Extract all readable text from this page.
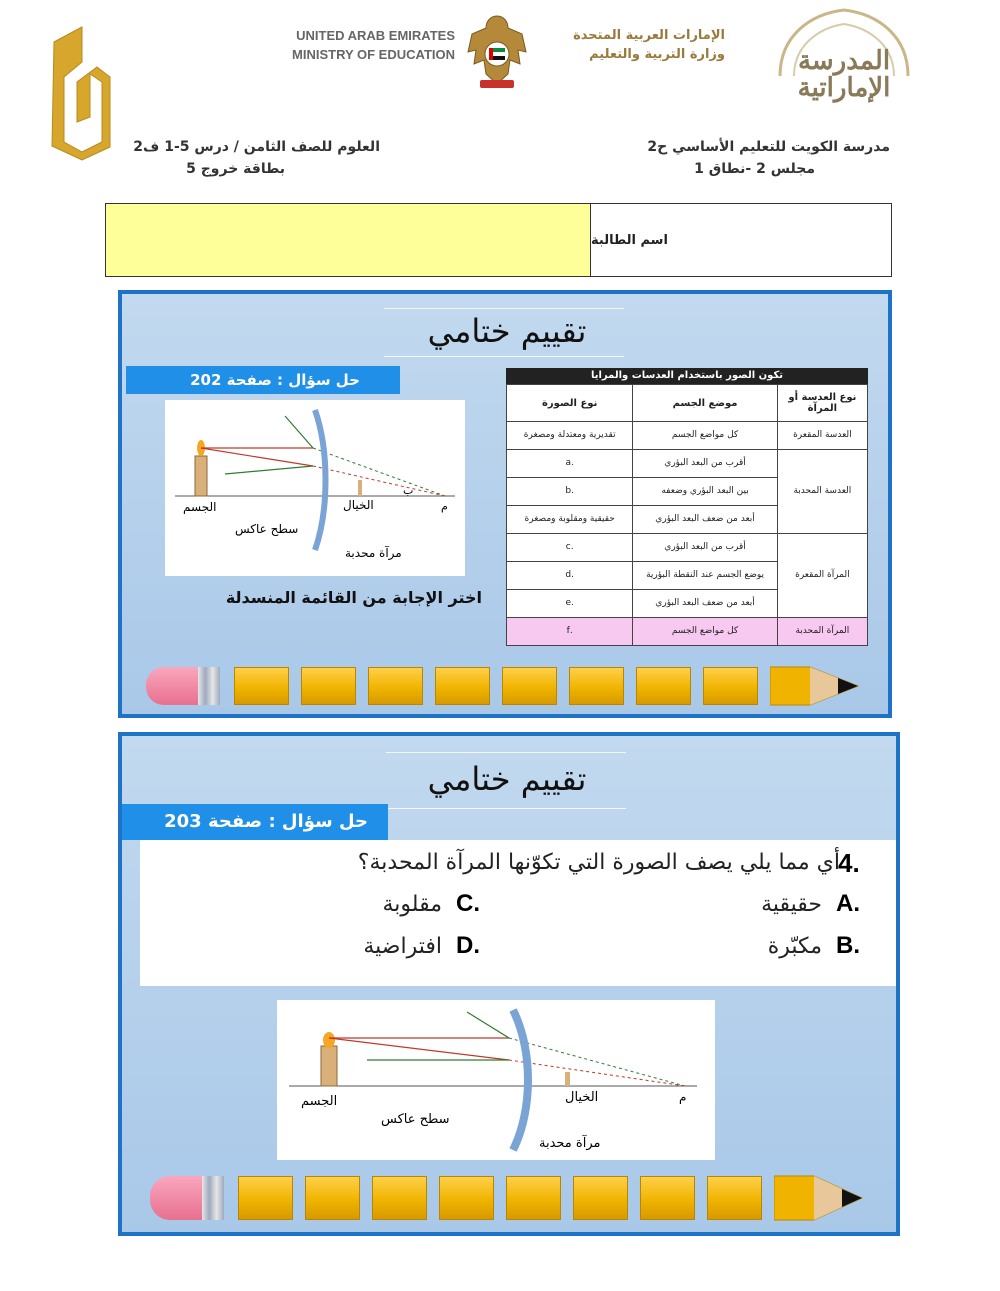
UNITED ARAB EMIRATES
MINISTRY OF EDUCATION
الإمارات العربية المتحدة
وزارة التربية والتعليم	المدرسة
الإماراتية
العلوم للصف الثامن / درس 5-1 ف2
بطاقة خروج 5
مدرسة الكويت للتعليم الأساسي ح2
مجلس 2 -نطاق 1
اسم الطالبة
تقييم ختامي
حل سؤال : صفحة 202
الجسم
سطح عاكس
الخيال
مرآة محدبة
م
ب
اختر الإجابة من القائمة المنسدلة
تكون الصور باستخدام العدسات والمرايا
نوع العدسة أو المرآة	موضع الجسم	نوع الصورة
العدسة المقعرة	كل مواضع الجسم	تقديرية ومعتدلة ومصغرة
العدسة المحدبة	أقرب من البعد البؤري	.a
	بين البعد البؤري وضعفه	.b
	أبعد من ضعف البعد البؤري	حقيقية ومقلوبة ومصغرة
المرآة المقعرة	أقرب من البعد البؤري	.c
	يوضع الجسم عند النقطة البؤرية	.d
	أبعد من ضعف البعد البؤري	.e
المرآة المحدبة	كل مواضع الجسم	.f
تقييم ختامي
حل سؤال : صفحة 203
أي مما يلي يصف الصورة التي تكوّنها المرآة المحدبة؟
4.
A.
حقيقية
B.
مكبّرة
C.
مقلوبة
D.
افتراضية
الجسم
سطح عاكس
الخيال
مرآة محدبة
م
